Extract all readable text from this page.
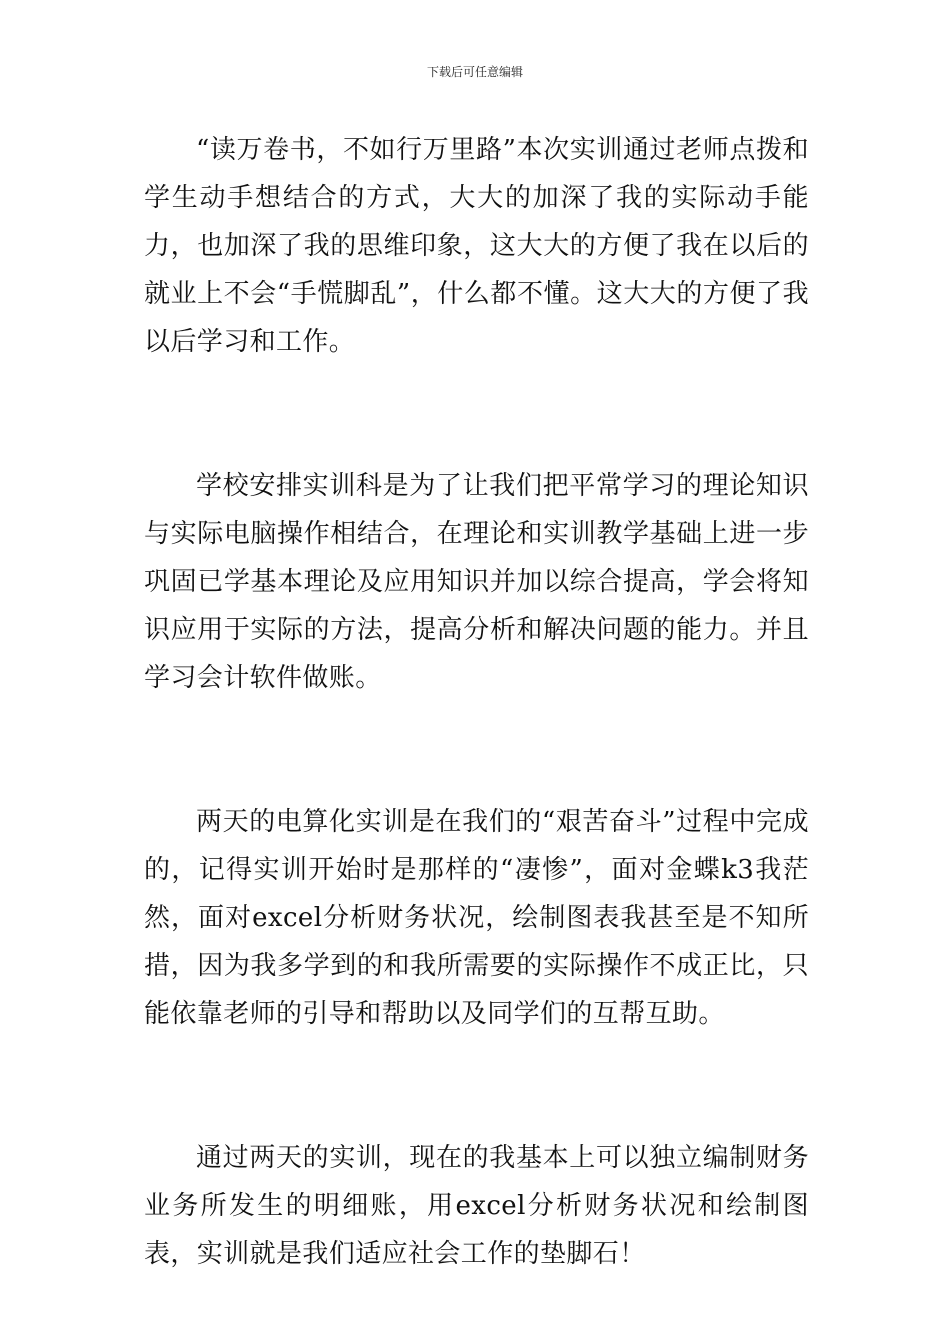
下载后可任意编辑

“读万卷书，不如行万里路”本次实训通过老师点拨和学生动手想结合的方式，大大的加深了我的实际动手能力，也加深了我的思维印象，这大大的方便了我在以后的就业上不会“手慌脚乱”，什么都不懂。这大大的方便了我以后学习和工作。

学校安排实训科是为了让我们把平常学习的理论知识与实际电脑操作相结合，在理论和实训教学基础上进一步巩固已学基本理论及应用知识并加以综合提高，学会将知识应用于实际的方法，提高分析和解决问题的能力。并且学习会计软件做账。

两天的电算化实训是在我们的“艰苦奋斗”过程中完成的，记得实训开始时是那样的“凄惨”，面对金蝶k3我茫然，面对excel分析财务状况，绘制图表我甚至是不知所措，因为我多学到的和我所需要的实际操作不成正比，只能依靠老师的引导和帮助以及同学们的互帮互助。

通过两天的实训，现在的我基本上可以独立编制财务业务所发生的明细账，用excel分析财务状况和绘制图表，实训就是我们适应社会工作的垫脚石！
